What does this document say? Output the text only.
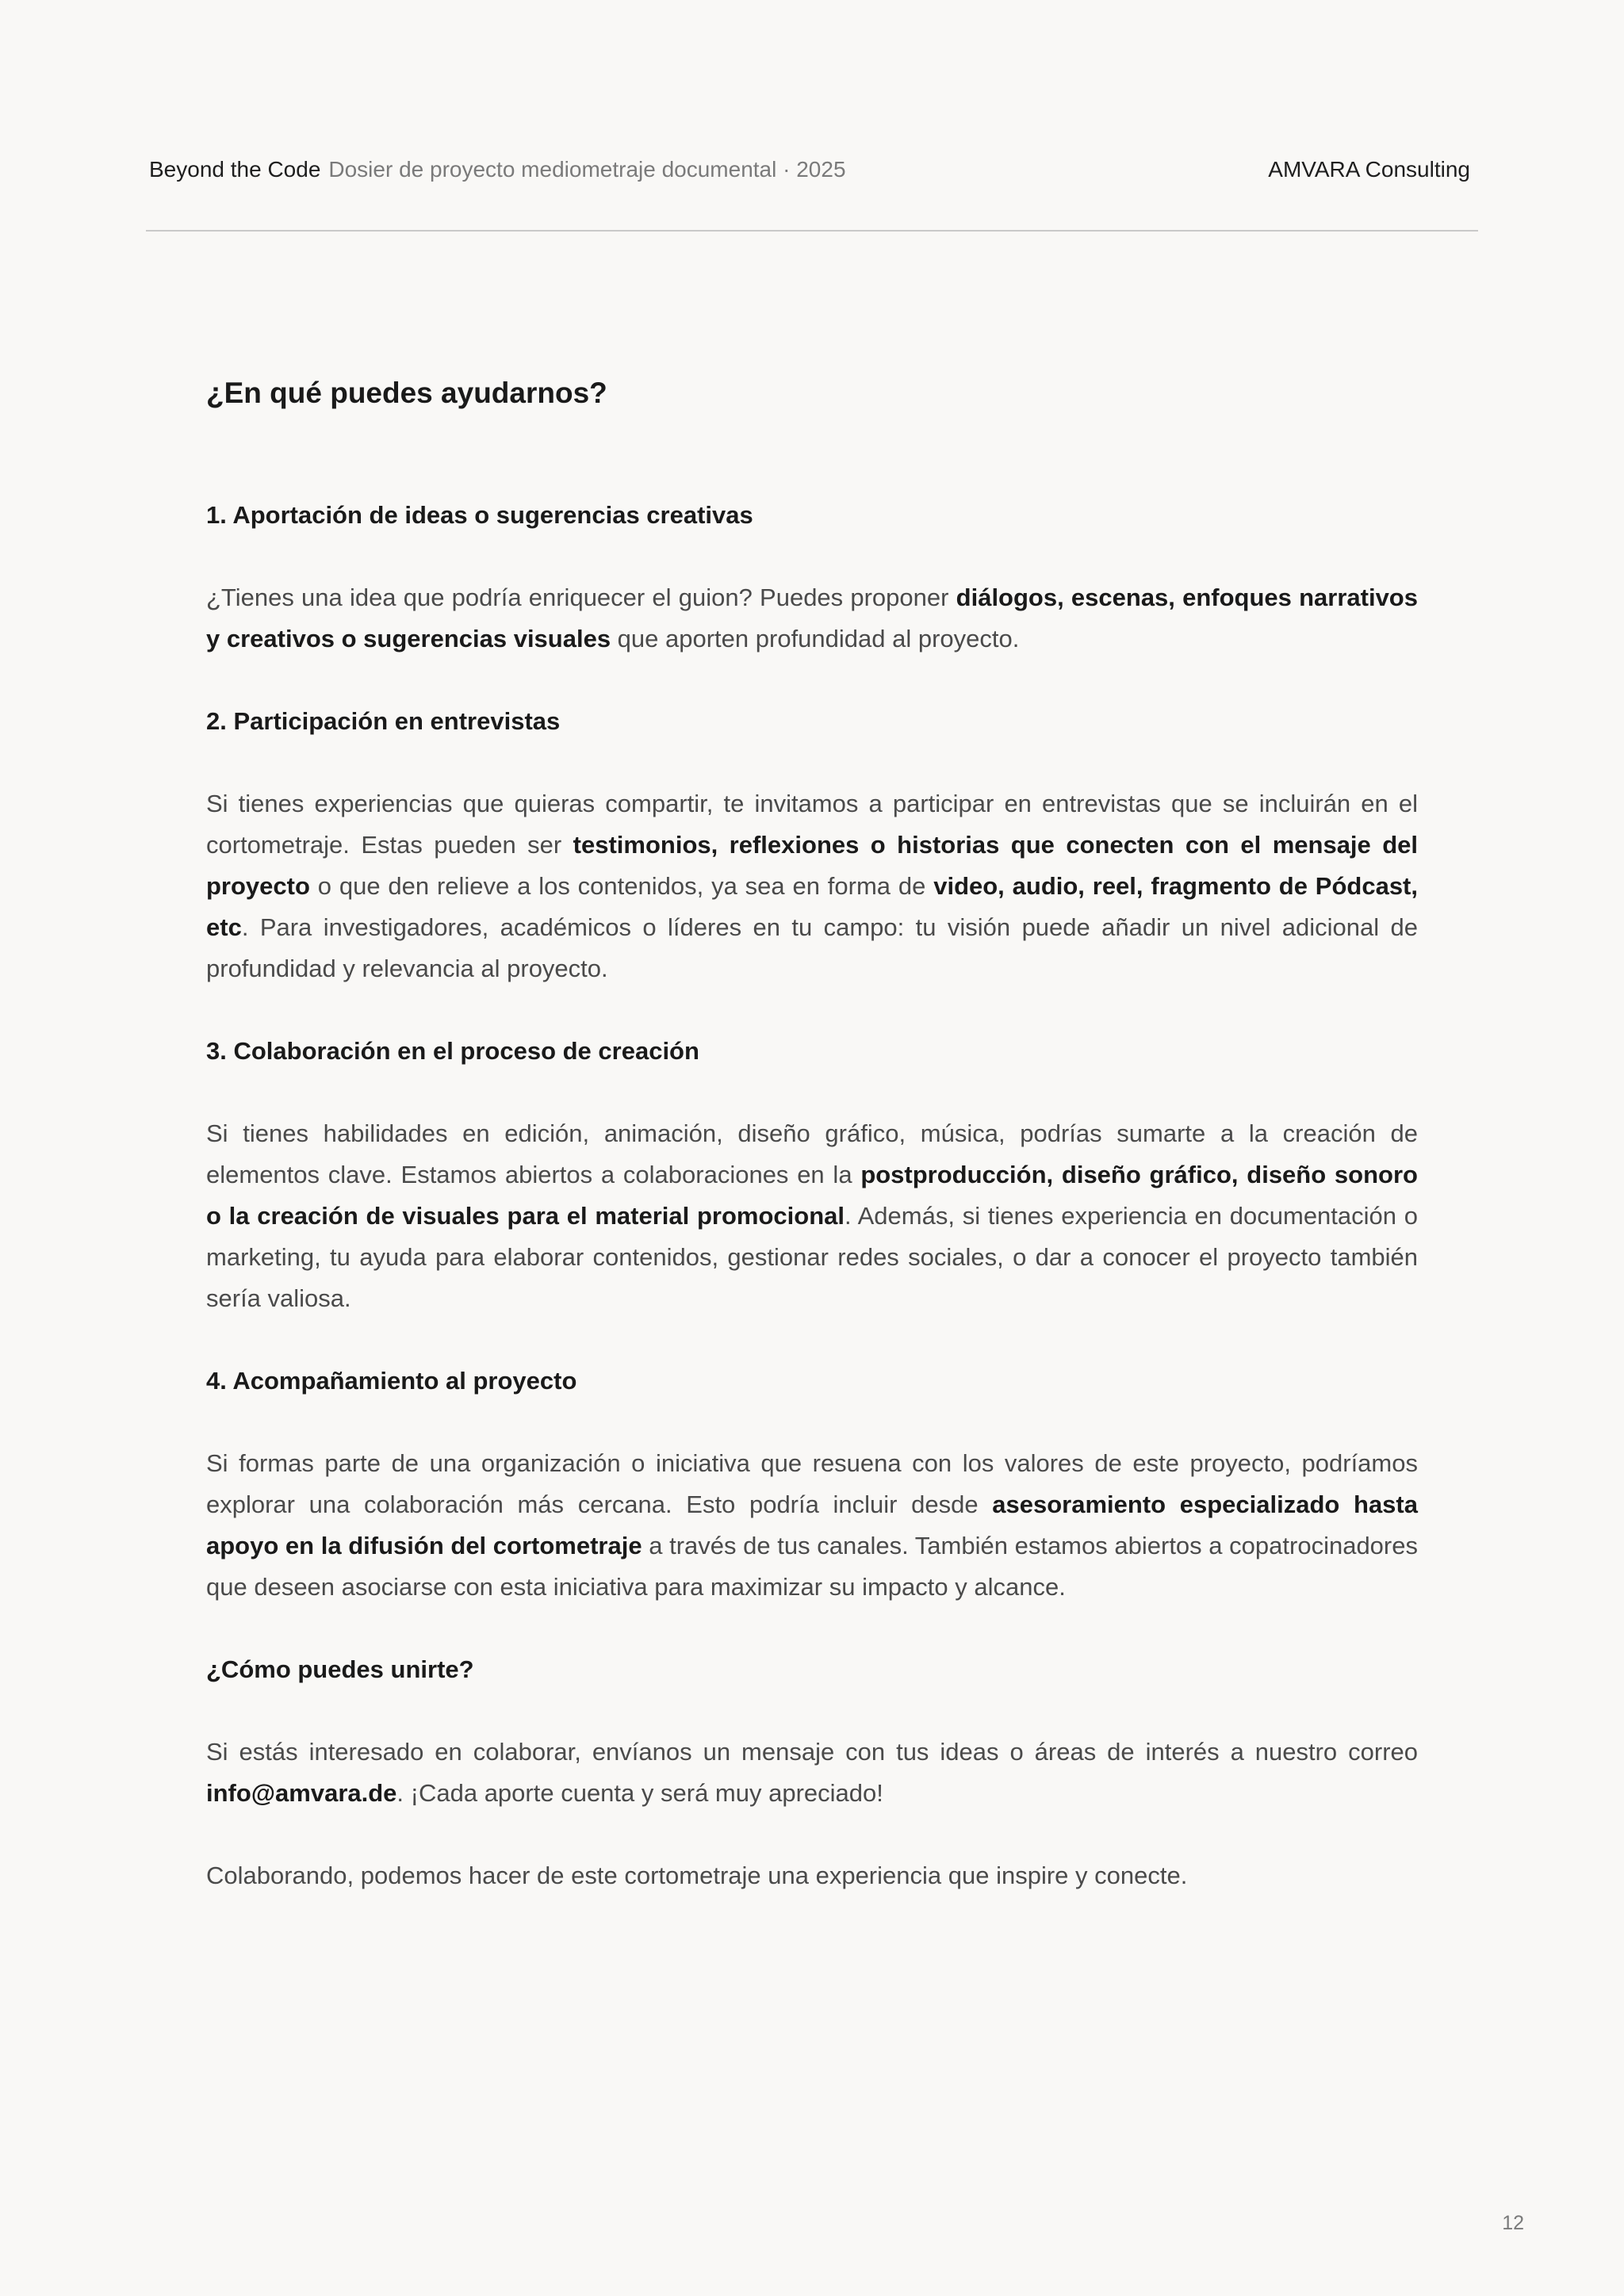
Beyond the Code Dosier de proyecto mediometraje documental · 2025	AMVARA Consulting
¿En qué puedes ayudarnos?
1. Aportación de ideas o sugerencias creativas

¿Tienes una idea que podría enriquecer el guion? Puedes proponer diálogos, escenas, enfoques narrativos y creativos o sugerencias visuales que aporten profundidad al proyecto.

2. Participación en entrevistas

Si tienes experiencias que quieras compartir, te invitamos a participar en entrevistas que se incluirán en el cortometraje. Estas pueden ser testimonios, reflexiones o historias que conecten con el mensaje del proyecto o que den relieve a los contenidos, ya sea en forma de video, audio, reel, fragmento de Pódcast, etc. Para investigadores, académicos o líderes en tu campo: tu visión puede añadir un nivel adicional de profundidad y relevancia al proyecto.

3. Colaboración en el proceso de creación

Si tienes habilidades en edición, animación, diseño gráfico, música, podrías sumarte a la creación de elementos clave. Estamos abiertos a colaboraciones en la postproducción, diseño gráfico, diseño sonoro o la creación de visuales para el material promocional. Además, si tienes experiencia en documentación o marketing, tu ayuda para elaborar contenidos, gestionar redes sociales, o dar a conocer el proyecto también sería valiosa.

4. Acompañamiento al proyecto

Si formas parte de una organización o iniciativa que resuena con los valores de este proyecto, podríamos explorar una colaboración más cercana. Esto podría incluir desde asesoramiento especializado hasta apoyo en la difusión del cortometraje a través de tus canales. También estamos abiertos a copatrocinadores que deseen asociarse con esta iniciativa para maximizar su impacto y alcance.

¿Cómo puedes unirte?

Si estás interesado en colaborar, envíanos un mensaje con tus ideas o áreas de interés a nuestro correo info@amvara.de. ¡Cada aporte cuenta y será muy apreciado!

Colaborando, podemos hacer de este cortometraje una experiencia que inspire y conecte.

12
